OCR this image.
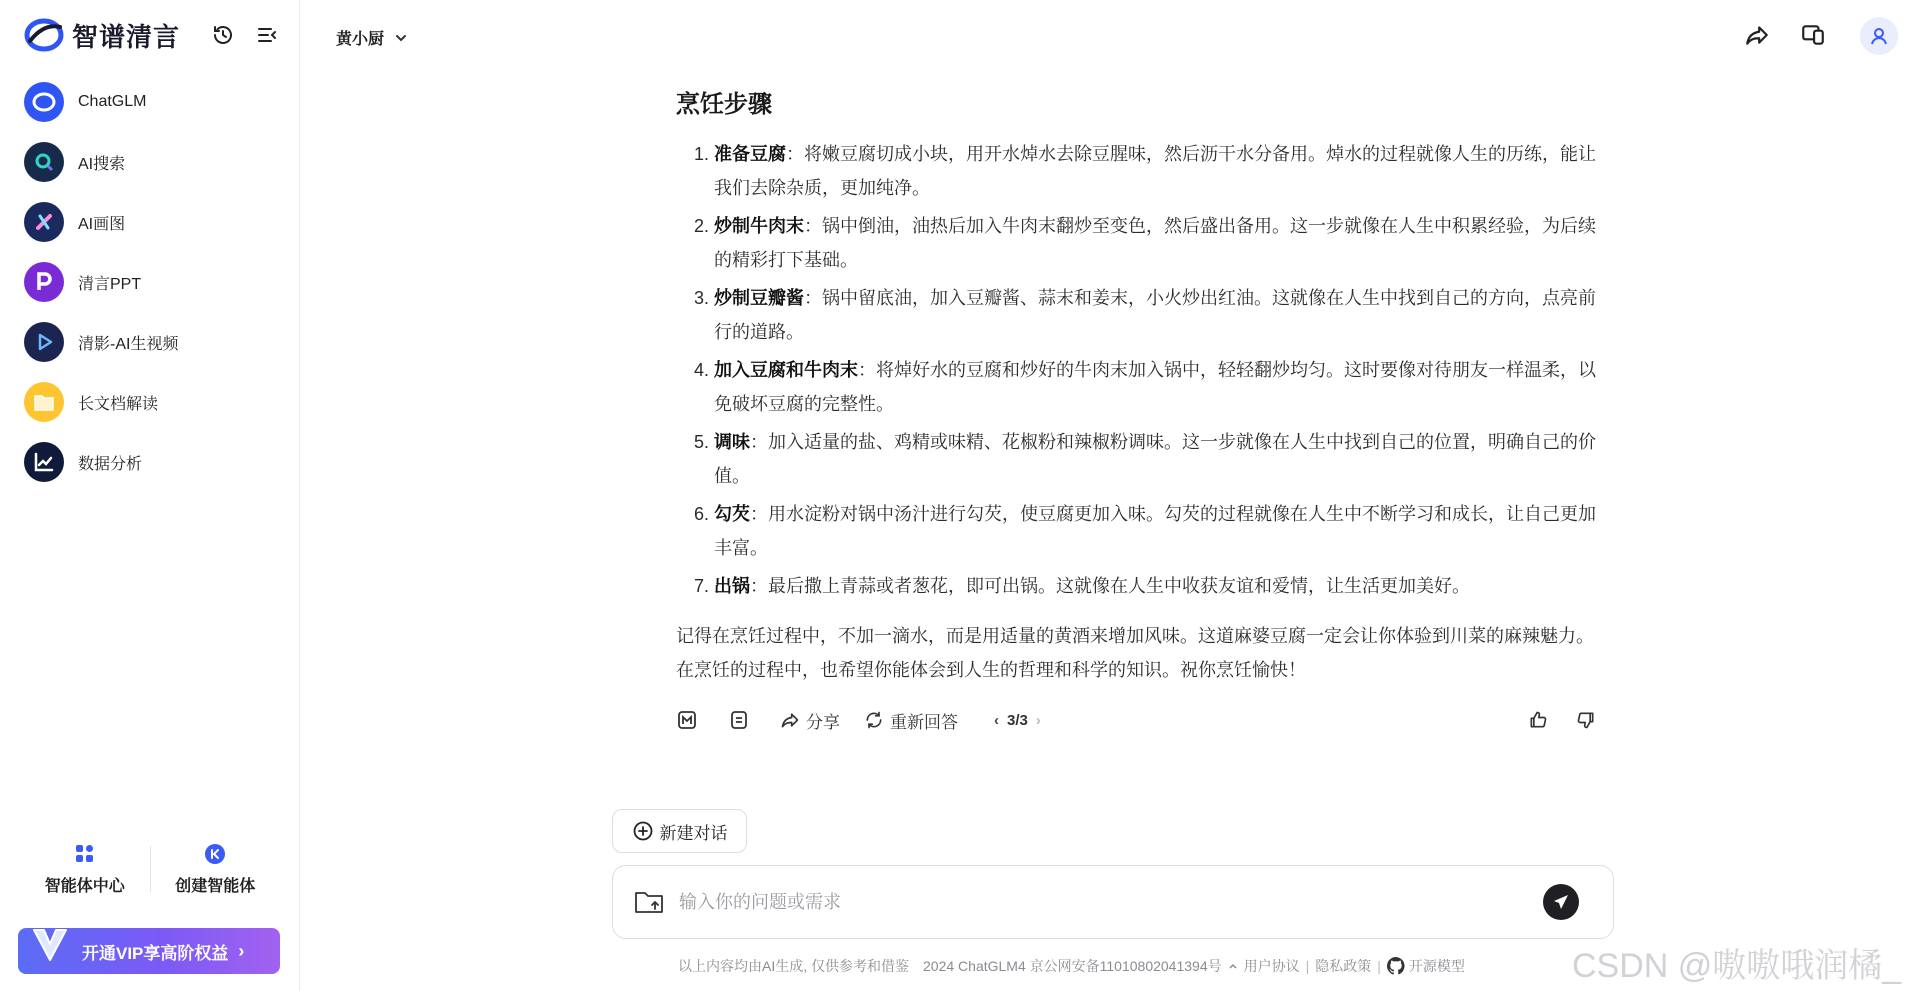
智谱清言
ChatGLM
AI搜索
AI画图
清言PPT
清影-AI生视频
长文档解读
数据分析
智能体中心	创建智能体
开通VIP享高阶权益 ›
黄小厨
烹饪步骤
1. 准备豆腐：将嫩豆腐切成小块，用开水焯水去除豆腥味，然后沥干水分备用。焯水的过程就像人生的历练，能让我们去除杂质，更加纯净。
2. 炒制牛肉末：锅中倒油，油热后加入牛肉末翻炒至变色，然后盛出备用。这一步就像在人生中积累经验，为后续的精彩打下基础。
3. 炒制豆瓣酱：锅中留底油，加入豆瓣酱、蒜末和姜末，小火炒出红油。这就像在人生中找到自己的方向，点亮前行的道路。
4. 加入豆腐和牛肉末：将焯好水的豆腐和炒好的牛肉末加入锅中，轻轻翻炒均匀。这时要像对待朋友一样温柔，以免破坏豆腐的完整性。
5. 调味：加入适量的盐、鸡精或味精、花椒粉和辣椒粉调味。这一步就像在人生中找到自己的位置，明确自己的价值。
6. 勾芡：用水淀粉对锅中汤汁进行勾芡，使豆腐更加入味。勾芡的过程就像在人生中不断学习和成长，让自己更加丰富。
7. 出锅：最后撒上青蒜或者葱花，即可出锅。这就像在人生中收获友谊和爱情，让生活更加美好。

记得在烹饪过程中，不加一滴水，而是用适量的黄酒来增加风味。这道麻婆豆腐一定会让你体验到川菜的麻辣魅力。在烹饪的过程中，也希望你能体会到人生的哲理和科学的知识。祝你烹饪愉快！

分享	重新回答	‹ 3/3 ›
新建对话
输入你的问题或需求
以上内容均由AI生成, 仅供参考和借鉴 2024 ChatGLM4 京公网安备11010802041394号 用户协议 | 隐私政策 | 开源模型	CSDN @嗷嗷哦润橘_
